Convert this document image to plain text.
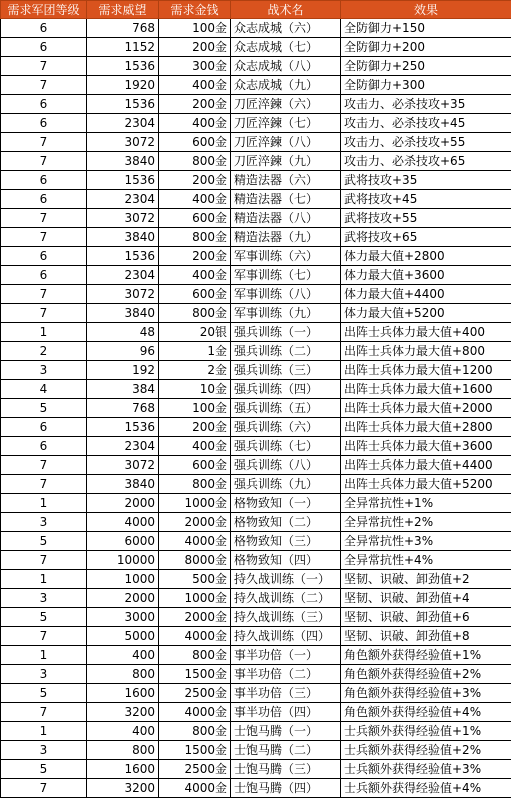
需求军团等级	需求威望	需求金钱	战术名	效果
6	768	100金	众志成城（六）	全防御力+150
6	1152	200金	众志成城（七）	全防御力+200
7	1536	300金	众志成城（八）	全防御力+250
7	1920	400金	众志成城（九）	全防御力+300
6	1536	200金	刀匠淬鍊（六）	攻击力、必杀技攻+35
6	2304	400金	刀匠淬鍊（七）	攻击力、必杀技攻+45
7	3072	600金	刀匠淬鍊（八）	攻击力、必杀技攻+55
7	3840	800金	刀匠淬鍊（九）	攻击力、必杀技攻+65
6	1536	200金	精造法器（六）	武将技攻+35
6	2304	400金	精造法器（七）	武将技攻+45
7	3072	600金	精造法器（八）	武将技攻+55
7	3840	800金	精造法器（九）	武将技攻+65
6	1536	200金	军事训练（六）	体力最大值+2800
6	2304	400金	军事训练（七）	体力最大值+3600
7	3072	600金	军事训练（八）	体力最大值+4400
7	3840	800金	军事训练（九）	体力最大值+5200
1	48	20银	强兵训练（一）	出阵士兵体力最大值+400
2	96	1金	强兵训练（二）	出阵士兵体力最大值+800
3	192	2金	强兵训练（三）	出阵士兵体力最大值+1200
4	384	10金	强兵训练（四）	出阵士兵体力最大值+1600
5	768	100金	强兵训练（五）	出阵士兵体力最大值+2000
6	1536	200金	强兵训练（六）	出阵士兵体力最大值+2800
6	2304	400金	强兵训练（七）	出阵士兵体力最大值+3600
7	3072	600金	强兵训练（八）	出阵士兵体力最大值+4400
7	3840	800金	强兵训练（九）	出阵士兵体力最大值+5200
1	2000	1000金	格物致知（一）	全异常抗性+1%
3	4000	2000金	格物致知（二）	全异常抗性+2%
5	6000	4000金	格物致知（三）	全异常抗性+3%
7	10000	8000金	格物致知（四）	全异常抗性+4%
1	1000	500金	持久战训练（一）	坚韧、识破、卸劲值+2
3	2000	1000金	持久战训练（二）	坚韧、识破、卸劲值+4
5	3000	2000金	持久战训练（三）	坚韧、识破、卸劲值+6
7	5000	4000金	持久战训练（四）	坚韧、识破、卸劲值+8
1	400	800金	事半功倍（一）	角色额外获得经验值+1%
3	800	1500金	事半功倍（二）	角色额外获得经验值+2%
5	1600	2500金	事半功倍（三）	角色额外获得经验值+3%
7	3200	4000金	事半功倍（四）	角色额外获得经验值+4%
1	400	800金	士饱马腾（一）	士兵额外获得经验值+1%
3	800	1500金	士饱马腾（二）	士兵额外获得经验值+2%
5	1600	2500金	士饱马腾（三）	士兵额外获得经验值+3%
7	3200	4000金	士饱马腾（四）	士兵额外获得经验值+4%
